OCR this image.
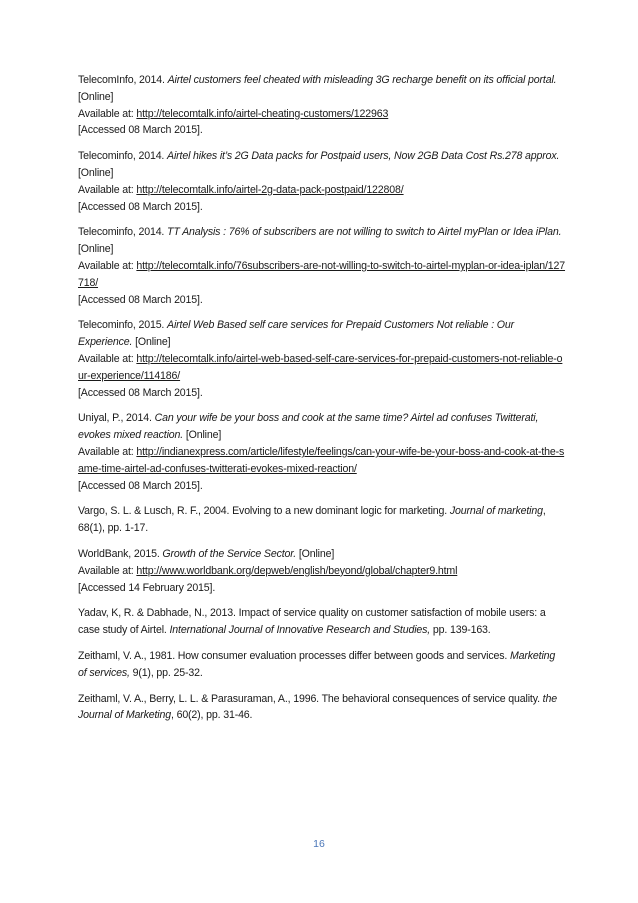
TelecomInfo, 2014. Airtel customers feel cheated with misleading 3G recharge benefit on its official portal. [Online]
Available at: http://telecomtalk.info/airtel-cheating-customers/122963
[Accessed 08 March 2015].

Telecominfo, 2014. Airtel hikes it’s 2G Data packs for Postpaid users, Now 2GB Data Cost Rs.278 approx. [Online]
Available at: http://telecomtalk.info/airtel-2g-data-pack-postpaid/122808/
[Accessed 08 March 2015].

Telecominfo, 2014. TT Analysis : 76% of subscribers are not willing to switch to Airtel myPlan or Idea iPlan. [Online]
Available at: http://telecomtalk.info/76subscribers-are-not-willing-to-switch-to-airtel-myplan-or-idea-iplan/127718/
[Accessed 08 March 2015].

Telecominfo, 2015. Airtel Web Based self care services for Prepaid Customers Not reliable : Our Experience. [Online]
Available at: http://telecomtalk.info/airtel-web-based-self-care-services-for-prepaid-customers-not-reliable-our-experience/114186/
[Accessed 08 March 2015].

Uniyal, P., 2014. Can your wife be your boss and cook at the same time? Airtel ad confuses Twitterati, evokes mixed reaction. [Online]
Available at: http://indianexpress.com/article/lifestyle/feelings/can-your-wife-be-your-boss-and-cook-at-the-same-time-airtel-ad-confuses-twitterati-evokes-mixed-reaction/
[Accessed 08 March 2015].

Vargo, S. L. & Lusch, R. F., 2004. Evolving to a new dominant logic for marketing. Journal of marketing, 68(1), pp. 1-17.

WorldBank, 2015. Growth of the Service Sector. [Online]
Available at: http://www.worldbank.org/depweb/english/beyond/global/chapter9.html
[Accessed 14 February 2015].

Yadav, K, R. & Dabhade, N., 2013. Impact of service quality on customer satisfaction of mobile users: a case study of Airtel. International Journal of Innovative Research and Studies, pp. 139-163.

Zeithaml, V. A., 1981. How consumer evaluation processes differ between goods and services. Marketing of services, 9(1), pp. 25-32.

Zeithaml, V. A., Berry, L. L. & Parasuraman, A., 1996. The behavioral consequences of service quality. the Journal of Marketing, 60(2), pp. 31-46.

16
